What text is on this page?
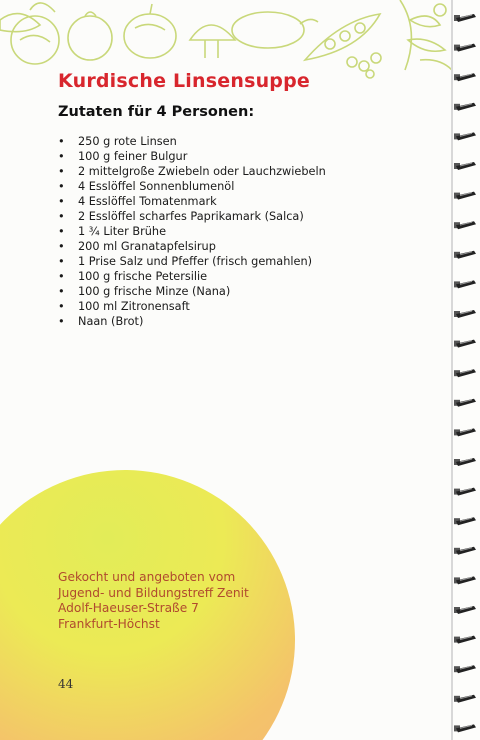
Kurdische Linsensuppe
Zutaten für 4 Personen:
•	250 g rote Linsen
•	100 g feiner Bulgur
•	2 mittelgroße Zwiebeln oder Lauchzwiebeln
•	4 Esslöffel Sonnenblumenöl
•	4 Esslöffel Tomatenmark
•	2 Esslöffel scharfes Paprikamark (Salca)
•	1 ¾ Liter Brühe
•	200 ml Granatapfelsirup
•	1 Prise Salz und Pfeffer (frisch gemahlen)
•	100 g frische Petersilie
•	100 g frische Minze (Nana)
•	100 ml Zitronensaft
•	Naan (Brot)
Gekocht und angeboten vom
Jugend- und Bildungstreff Zenit
Adolf-Haeuser-Straße 7
Frankfurt-Höchst
44
